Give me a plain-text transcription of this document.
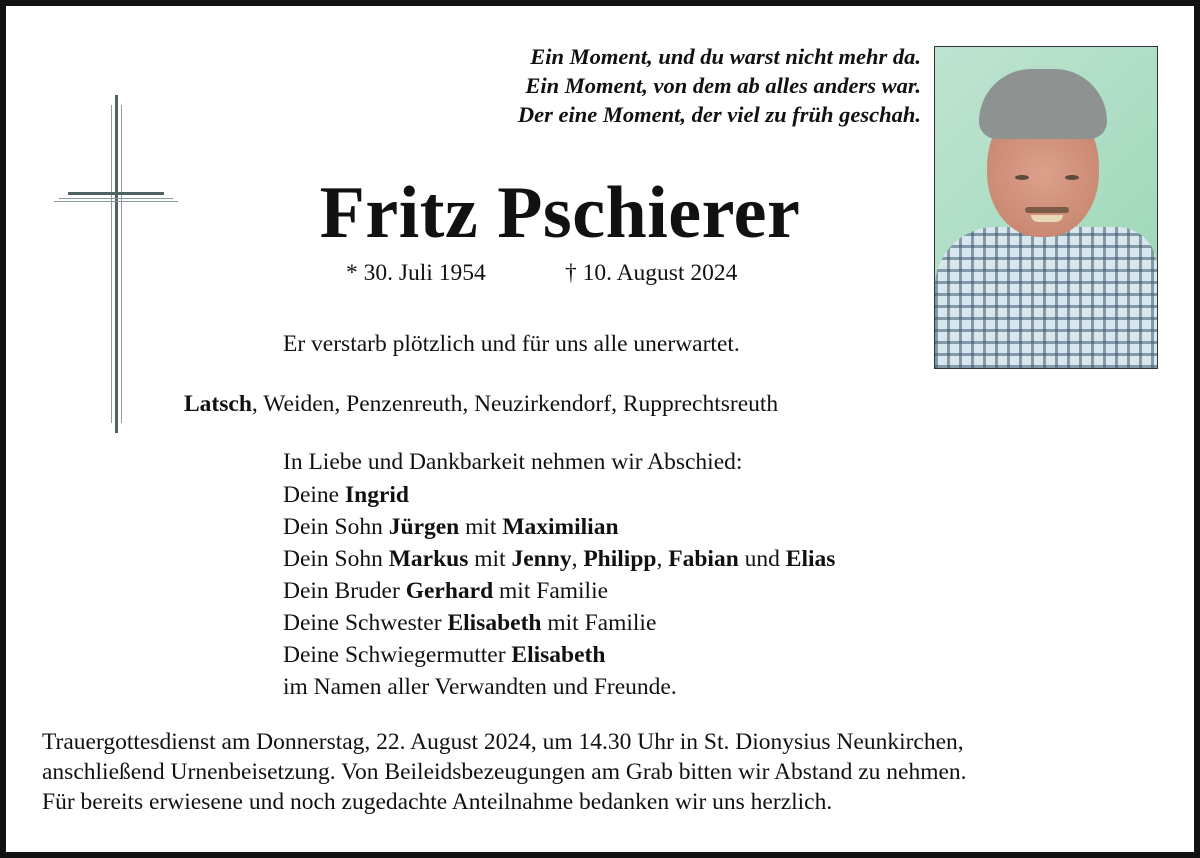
Ein Moment, und du warst nicht mehr da.
Ein Moment, von dem ab alles anders war.
Der eine Moment, der viel zu früh geschah.
Fritz Pschierer
* 30. Juli 1954	† 10. August 2024
Er verstarb plötzlich und für uns alle unerwartet.
Latsch, Weiden, Penzenreuth, Neuzirkendorf, Rupprechtsreuth
In Liebe und Dankbarkeit nehmen wir Abschied:
Deine Ingrid
Dein Sohn Jürgen mit Maximilian
Dein Sohn Markus mit Jenny, Philipp, Fabian und Elias
Dein Bruder Gerhard mit Familie
Deine Schwester Elisabeth mit Familie
Deine Schwiegermutter Elisabeth
im Namen aller Verwandten und Freunde.
Trauergottesdienst am Donnerstag, 22. August 2024, um 14.30 Uhr in St. Dionysius Neunkirchen,
anschließend Urnenbeisetzung. Von Beileidsbezeugungen am Grab bitten wir Abstand zu nehmen.
Für bereits erwiesene und noch zugedachte Anteilnahme bedanken wir uns herzlich.
